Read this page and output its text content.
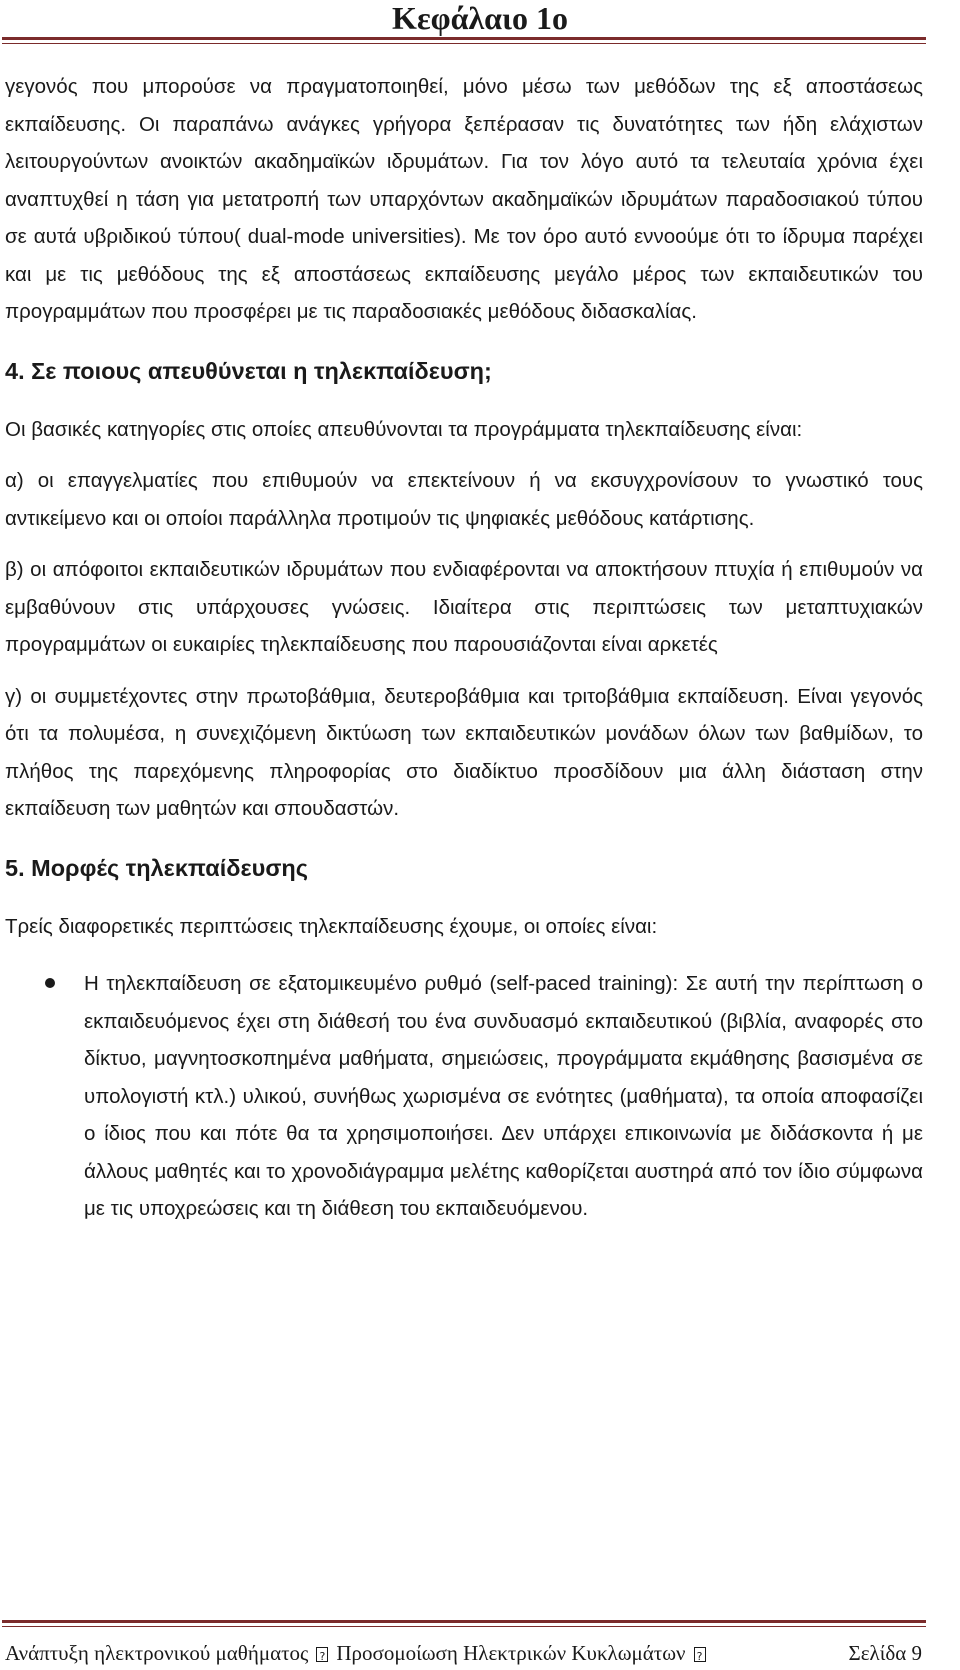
Κεφάλαιο 1ο

γεγονός που μπορούσε να πραγματοποιηθεί, μόνο μέσω των μεθόδων της εξ αποστάσεως εκπαίδευσης. Οι παραπάνω ανάγκες γρήγορα ξεπέρασαν τις δυνατότητες των ήδη ελάχιστων λειτουργούντων ανοικτών ακαδημαϊκών ιδρυμάτων. Για τον λόγο αυτό τα τελευταία χρόνια έχει αναπτυχθεί η τάση για μετατροπή των υπαρχόντων ακαδημαϊκών ιδρυμάτων παραδοσιακού τύπου σε αυτά υβριδικού τύπου( dual-mode universities). Με τον όρο αυτό εννοούμε ότι το ίδρυμα παρέχει και με τις μεθόδους της εξ αποστάσεως εκπαίδευσης μεγάλο μέρος των εκπαιδευτικών του προγραμμάτων που προσφέρει με τις παραδοσιακές μεθόδους διδασκαλίας.

4. Σε ποιους απευθύνεται η τηλεκπαίδευση;

Οι βασικές κατηγορίες στις οποίες απευθύνονται τα προγράμματα τηλεκπαίδευσης είναι:

α) οι επαγγελματίες που επιθυμούν να επεκτείνουν ή να εκσυγχρονίσουν το γνωστικό τους αντικείμενο και οι οποίοι παράλληλα προτιμούν τις ψηφιακές μεθόδους κατάρτισης.

β) οι απόφοιτοι εκπαιδευτικών ιδρυμάτων που ενδιαφέρονται να αποκτήσουν πτυχία ή επιθυμούν να εμβαθύνουν στις υπάρχουσες γνώσεις. Ιδιαίτερα στις περιπτώσεις των μεταπτυχιακών προγραμμάτων οι ευκαιρίες τηλεκπαίδευσης που παρουσιάζονται είναι αρκετές

γ) οι συμμετέχοντες στην πρωτοβάθμια, δευτεροβάθμια και τριτοβάθμια εκπαίδευση. Είναι γεγονός ότι τα πολυμέσα, η συνεχιζόμενη δικτύωση των εκπαιδευτικών μονάδων όλων των βαθμίδων, το πλήθος της παρεχόμενης πληροφορίας στο διαδίκτυο προσδίδουν μια άλλη διάσταση στην εκπαίδευση των μαθητών και σπουδαστών.

5. Μορφές τηλεκπαίδευσης

Τρείς διαφορετικές περιπτώσεις τηλεκπαίδευσης έχουμε, οι οποίες είναι:

Η τηλεκπαίδευση σε εξατομικευμένο ρυθμό (self-paced training): Σε αυτή την περίπτωση ο εκπαιδευόμενος έχει στη διάθεσή του ένα συνδυασμό εκπαιδευτικού (βιβλία, αναφορές στο δίκτυο, μαγνητοσκοπημένα μαθήματα, σημειώσεις, προγράμματα εκμάθησης βασισμένα σε υπολογιστή κτλ.) υλικού, συνήθως χωρισμένα σε ενότητες (μαθήματα), τα οποία αποφασίζει ο ίδιος που και πότε θα τα χρησιμοποιήσει. Δεν υπάρχει επικοινωνία με διδάσκοντα ή με άλλους μαθητές και το χρονοδιάγραμμα μελέτης καθορίζεται αυστηρά από τον ίδιο σύμφωνα με τις υποχρεώσεις και τη διάθεση του εκπαιδευόμενου.

Ανάπτυξη ηλεκτρονικού μαθήματος ? Προσομοίωση Ηλεκτρικών Κυκλωμάτων ?	Σελίδα 9
